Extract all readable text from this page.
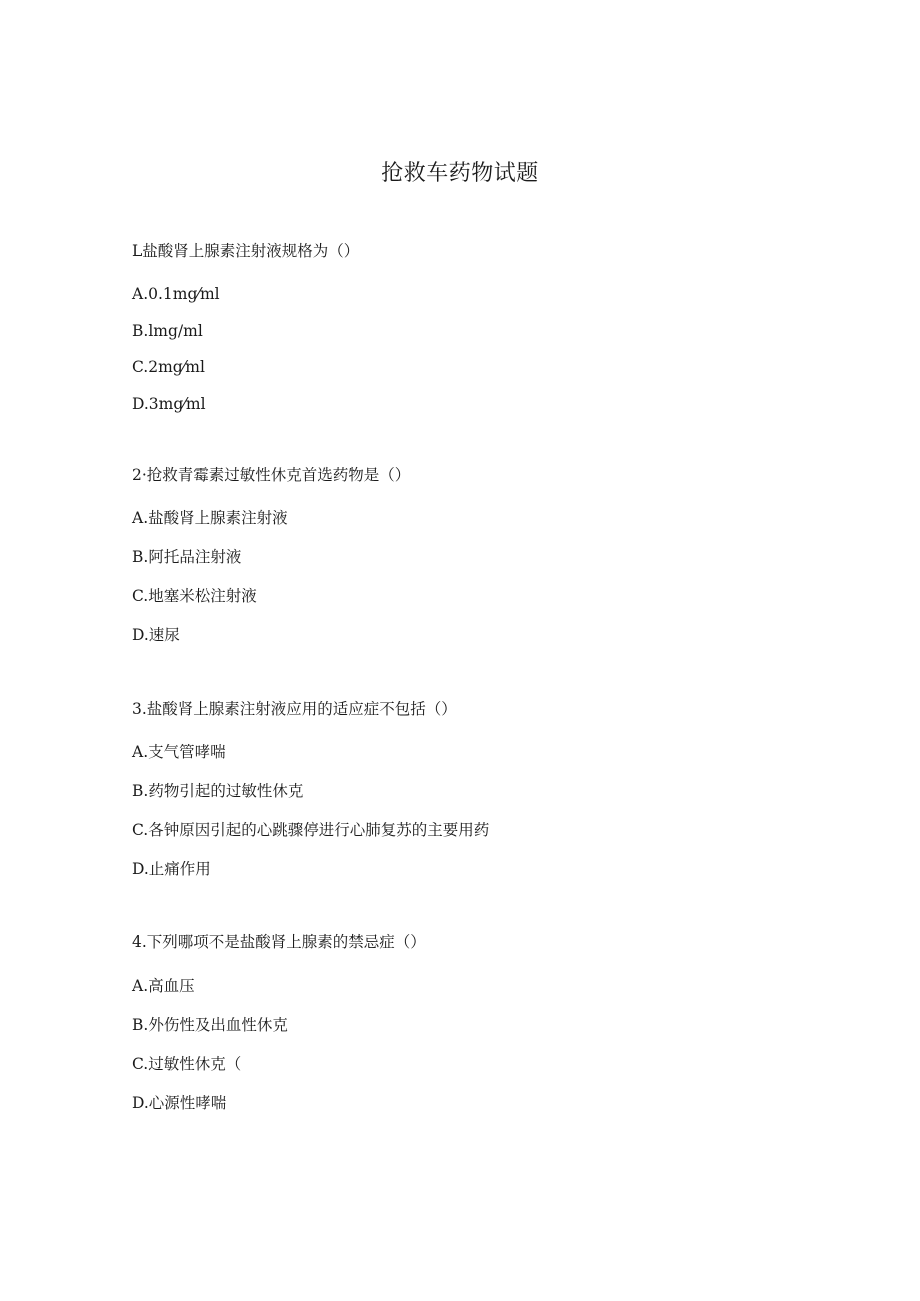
抢救车药物试题
L盐酸肾上腺素注射液规格为（）
A.0.1mg⁄ml
B.lmg/ml
C.2mg⁄ml
D.3mg⁄ml
2·抢救青霉素过敏性休克首选药物是（）
A.盐酸肾上腺素注射液
B.阿托品注射液
C.地塞米松注射液
D.速尿
3.盐酸肾上腺素注射液应用的适应症不包括（）
A.支气管哮喘
B.药物引起的过敏性休克
C.各钟原因引起的心跳骤停进行心肺复苏的主要用药
D.止痛作用
4.下列哪项不是盐酸肾上腺素的禁忌症（）
A.高血压
B.外伤性及出血性休克
C.过敏性休克（
D.心源性哮喘
